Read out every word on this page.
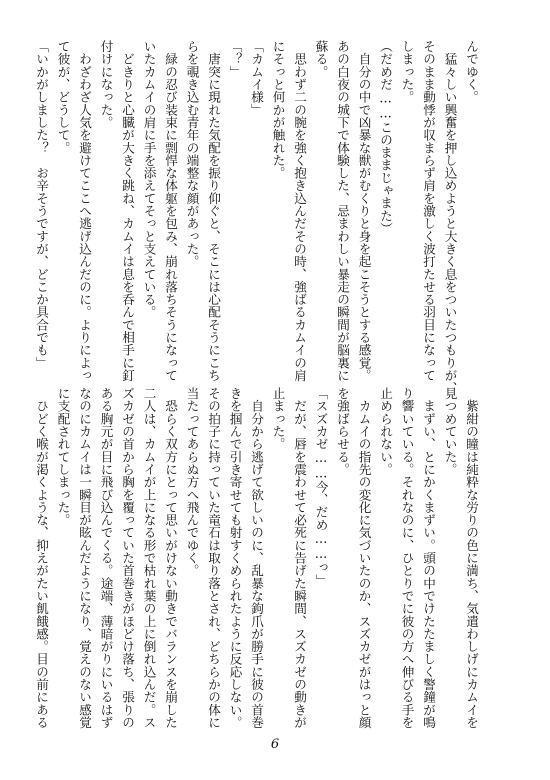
んでゆく。

　猛々しい興奮を押し込めようと大きく息をついたつもりが、

そのまま動悸が収まらず肩を激しく波打たせる羽目になって

しまった。

（だめだ……このままじゃまた）

　自分の中で凶暴な獣がむくりと身を起こそうとする感覚。

あの白夜の城下で体験した、忌まわしい暴走の瞬間が脳裏に

蘇る。

　思わず二の腕を強く抱き込んだその時、強ばるカムイの肩

にそっと何かが触れた。

「カムイ様」

「？」

　唐突に現れた気配を振り仰ぐと、そこには心配そうにこち

らを覗き込む青年の端整な顔があった。

　緑の忍び装束に剽悍な体躯を包み、崩れ落ちそうになって

いたカムイの肩に手を添えてそっと支えている。

　どきりと心臓が大きく跳ね、カムイは息を呑んで相手に釘

付けになった。

　わざわざ人気を避けてここへ逃げ込んだのに。よりによっ

て彼が、どうして。

「いかがしました？　お辛そうですが、どこか具合でも」

　紫紺の瞳は純粋な労りの色に満ち、気遣わしげにカムイを

見つめていた。

　まずい、とにかくまずい。頭の中でけたたましく警鐘が鳴

り響いている。それなのに、ひとりでに彼の方へ伸びる手を

止められない。

　カムイの指先の変化に気づいたのか、スズカゼがはっと顔

を強ばらせる。

「スズカゼ……今、だめ……っ」

　だが、唇を震わせて必死に告げた瞬間、スズカゼの動きが

止まった。

　自分から逃げて欲しいのに、乱暴な鉤爪が勝手に彼の首巻

きを掴んで引き寄せても射すくめられたように反応しない。

その拍子に持っていた竜石は取り落とされ、どちらかの体に

当たってあらぬ方へ飛んでゆく。

　恐らく双方にとって思いがけない動きでバランスを崩した

二人は、カムイが上になる形で枯れ葉の上に倒れ込んだ。ス

ズカゼの首から胸を覆っていた首巻きがほどけ落ち、張りの

ある胸元が目に飛び込んでくる。途端、薄暗がりにいるはず

なのにカムイは一瞬目が眩んだようになり、覚えのない感覚

に支配されてしまった。

　ひどく喉が渇くような、抑えがたい飢餓感。目の前にある

6
